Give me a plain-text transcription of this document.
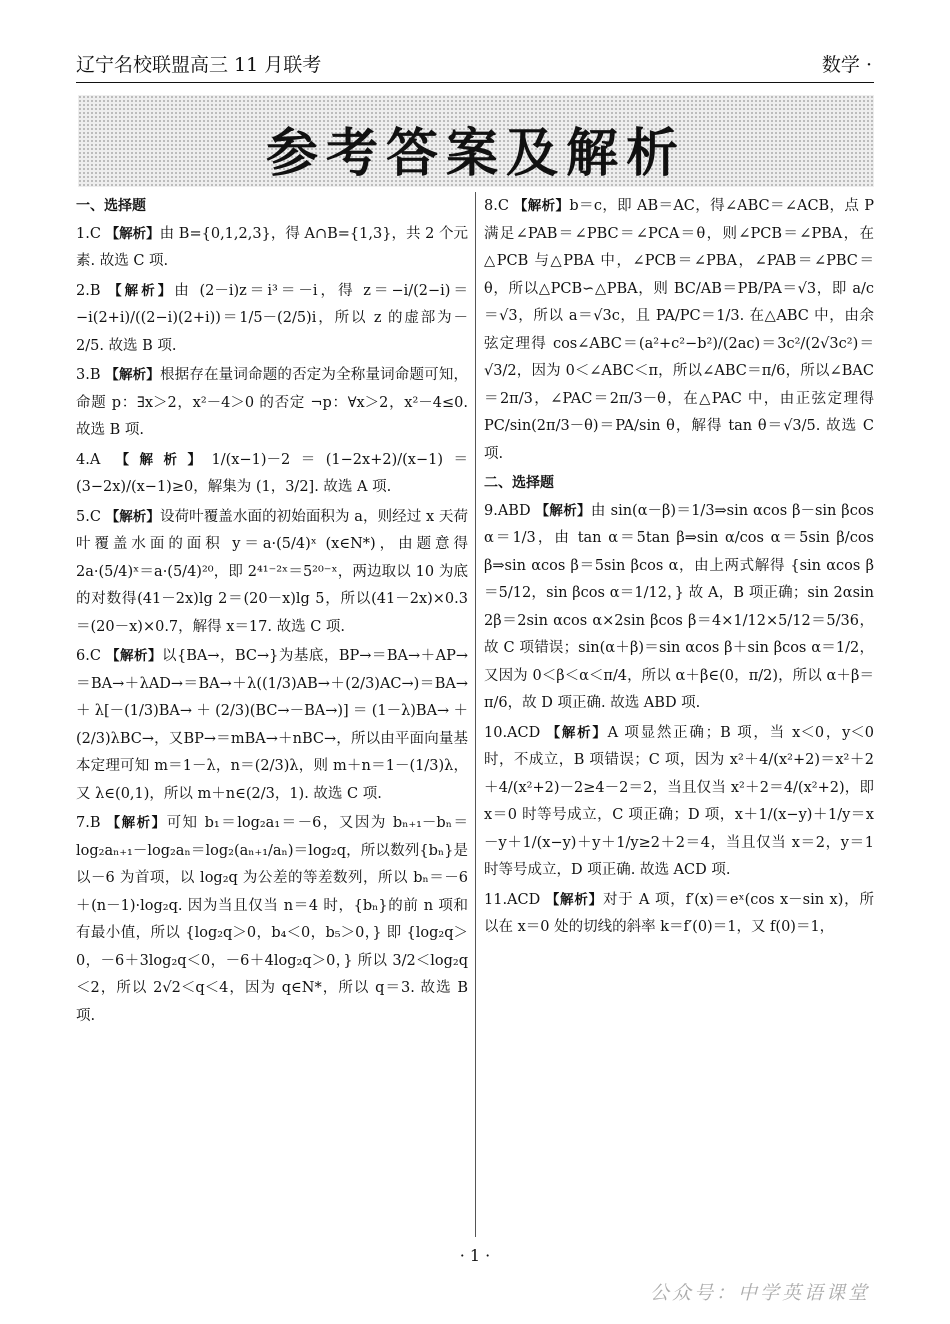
辽宁名校联盟高三 11 月联考	数学 ·
参考答案及解析
一、选择题

1.C 【解析】由 B={0,1,2,3}，得 A∩B={1,3}，共 2 个元素. 故选 C 项.

2.B 【解析】由 (2－i)z＝i³＝－i，得 z＝−i/(2−i)＝−i(2+i)/((2−i)(2+i))＝1/5－(2/5)i，所以 z 的虚部为－2/5. 故选 B 项.

3.B 【解析】根据存在量词命题的否定为全称量词命题可知，命题 p：∃x＞2，x²－4＞0 的否定 ¬p：∀x＞2，x²－4≤0. 故选 B 项.

4.A 【解析】1/(x−1)－2＝(1−2x+2)/(x−1)＝(3−2x)/(x−1)≥0，解集为 (1，3/2]. 故选 A 项.

5.C 【解析】设荷叶覆盖水面的初始面积为 a，则经过 x 天荷叶覆盖水面的面积 y＝a·(5/4)ˣ (x∈N*)，由题意得 2a·(5/4)ˣ＝a·(5/4)²⁰，即 2⁴¹⁻²ˣ＝5²⁰⁻ˣ，两边取以 10 为底的对数得(41－2x)lg 2＝(20－x)lg 5，所以(41－2x)×0.3＝(20－x)×0.7，解得 x＝17. 故选 C 项.

6.C 【解析】以{BA→，BC→}为基底，BP→＝BA→＋AP→＝BA→＋λAD→＝BA→＋λ((1/3)AB→＋(2/3)AC→)＝BA→＋λ[－(1/3)BA→＋(2/3)(BC→－BA→)]＝(1－λ)BA→＋(2/3)λBC→，又BP→＝mBA→＋nBC→，所以由平面向量基本定理可知 m＝1－λ，n＝(2/3)λ，则 m＋n＝1－(1/3)λ，又 λ∈(0,1)，所以 m＋n∈(2/3，1). 故选 C 项.

7.B 【解析】可知 b₁＝log₂a₁＝－6，又因为 bₙ₊₁－bₙ＝log₂aₙ₊₁－log₂aₙ＝log₂(aₙ₊₁/aₙ)＝log₂q，所以数列{bₙ}是以－6 为首项，以 log₂q 为公差的等差数列，所以 bₙ＝－6＋(n－1)·log₂q. 因为当且仅当 n＝4 时，{bₙ}的前 n 项和有最小值，所以 {log₂q＞0，b₄＜0，b₅＞0，} 即 {log₂q＞0，－6＋3log₂q＜0，－6＋4log₂q＞0，} 所以 3/2＜log₂q＜2，所以 2√2＜q＜4，因为 q∈N*，所以 q＝3. 故选 B 项.

8.C 【解析】b＝c，即 AB＝AC，得∠ABC＝∠ACB，点 P 满足∠PAB＝∠PBC＝∠PCA＝θ，则∠PCB＝∠PBA，在△PCB 与△PBA 中，∠PCB＝∠PBA，∠PAB＝∠PBC＝θ，所以△PCB∽△PBA，则 BC/AB＝PB/PA＝√3，即 a/c＝√3，所以 a＝√3c，且 PA/PC＝1/3. 在△ABC 中，由余弦定理得 cos∠ABC＝(a²+c²−b²)/(2ac)＝3c²/(2√3c²)＝√3/2，因为 0＜∠ABC＜π，所以∠ABC＝π/6，所以∠BAC＝2π/3，∠PAC＝2π/3－θ，在△PAC 中，由正弦定理得 PC/sin(2π/3－θ)＝PA/sin θ，解得 tan θ＝√3/5. 故选 C 项.

二、选择题

9.ABD 【解析】由 sin(α－β)＝1/3⇒sin αcos β－sin βcos α＝1/3，由 tan α＝5tan β⇒sin α/cos α＝5sin β/cos β⇒sin αcos β＝5sin βcos α，由上两式解得 {sin αcos β＝5/12，sin βcos α＝1/12，} 故 A，B 项正确；sin 2αsin 2β＝2sin αcos α×2sin βcos β＝4×1/12×5/12＝5/36，故 C 项错误；sin(α＋β)＝sin αcos β＋sin βcos α＝1/2，又因为 0＜β＜α＜π/4，所以 α＋β∈(0，π/2)，所以 α＋β＝π/6，故 D 项正确. 故选 ABD 项.

10.ACD 【解析】A 项显然正确；B 项，当 x＜0，y＜0 时，不成立，B 项错误；C 项，因为 x²＋4/(x²+2)＝x²＋2＋4/(x²+2)－2≥4－2＝2，当且仅当 x²＋2＝4/(x²+2)，即 x＝0 时等号成立，C 项正确；D 项，x＋1/(x−y)＋1/y＝x－y＋1/(x−y)＋y＋1/y≥2＋2＝4，当且仅当 x＝2，y＝1 时等号成立，D 项正确. 故选 ACD 项.

11.ACD 【解析】对于 A 项，f′(x)＝eˣ(cos x－sin x)，所以在 x＝0 处的切线的斜率 k＝f′(0)＝1，又 f(0)＝1，

· 1 ·
公众号：中学英语课堂
